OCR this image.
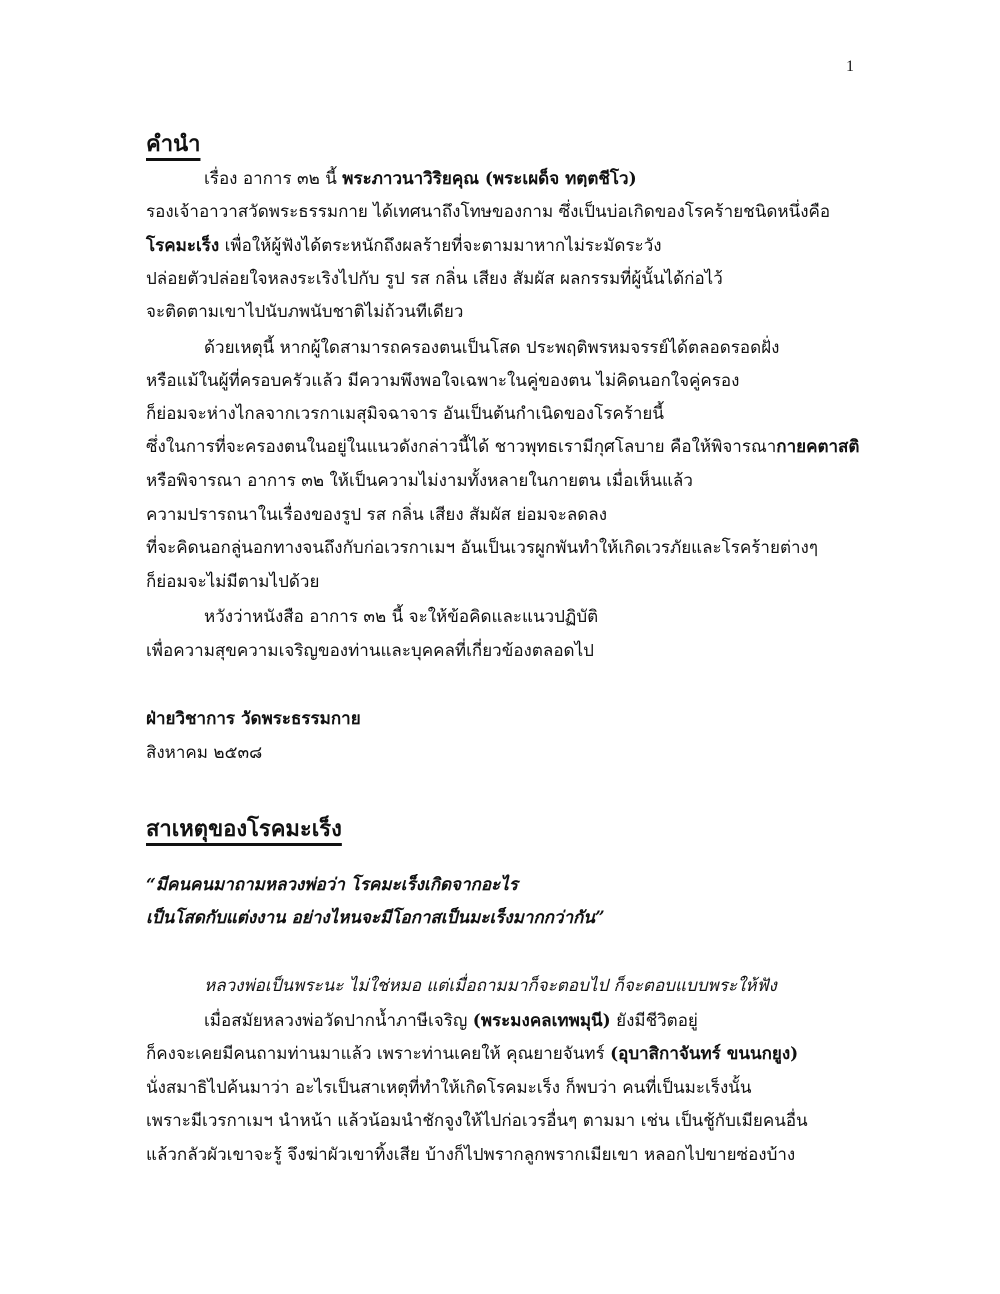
1
คำนำ
เรื่อง อาการ ๓๒ นี้ พระภาวนาวิริยคุณ (พระเผด็จ ทตฺตชีโว)
รองเจ้าอาวาสวัดพระธรรมกาย ได้เทศนาถึงโทษของกาม ซึ่งเป็นบ่อเกิดของโรคร้ายชนิดหนึ่งคือ
โรคมะเร็ง เพื่อให้ผู้ฟังได้ตระหนักถึงผลร้ายที่จะตามมาหากไม่ระมัดระวัง
ปล่อยตัวปล่อยใจหลงระเริงไปกับ รูป รส กลิ่น เสียง สัมผัส ผลกรรมที่ผู้นั้นได้ก่อไว้
จะติดตามเขาไปนับภพนับชาติไม่ถ้วนทีเดียว
ด้วยเหตุนี้ หากผู้ใดสามารถครองตนเป็นโสด ประพฤติพรหมจรรย์ได้ตลอดรอดฝั่ง
หรือแม้ในผู้ที่ครอบครัวแล้ว มีความพึงพอใจเฉพาะในคู่ของตน ไม่คิดนอกใจคู่ครอง
ก็ย่อมจะห่างไกลจากเวรกาเมสุมิจฉาจาร อันเป็นต้นกำเนิดของโรคร้ายนี้
ซึ่งในการที่จะครองตนในอยู่ในแนวดังกล่าวนี้ได้ ชาวพุทธเรามีกุศโลบาย คือให้พิจารณากายคตาสติ
หรือพิจารณา อาการ ๓๒ ให้เป็นความไม่งามทั้งหลายในกายตน เมื่อเห็นแล้ว
ความปรารถนาในเรื่องของรูป รส กลิ่น เสียง สัมผัส ย่อมจะลดลง
ที่จะคิดนอกลู่นอกทางจนถึงกับก่อเวรกาเมฯ อันเป็นเวรผูกพันทำให้เกิดเวรภัยและโรคร้ายต่างๆ
ก็ย่อมจะไม่มีตามไปด้วย
หวังว่าหนังสือ อาการ ๓๒ นี้ จะให้ข้อคิดและแนวปฏิบัติ
เพื่อความสุขความเจริญของท่านและบุคคลที่เกี่ยวข้องตลอดไป
ฝ่ายวิชาการ วัดพระธรรมกาย
สิงหาคม ๒๕๓๘
สาเหตุของโรคมะเร็ง
“มีคนคนมาถามหลวงพ่อว่า โรคมะเร็งเกิดจากอะไร
เป็นโสดกับแต่งงาน อย่างไหนจะมีโอกาสเป็นมะเร็งมากกว่ากัน”
หลวงพ่อเป็นพระนะ ไม่ใช่หมอ แต่เมื่อถามมาก็จะตอบไป ก็จะตอบแบบพระให้ฟัง
เมื่อสมัยหลวงพ่อวัดปากน้ำภาษีเจริญ (พระมงคลเทพมุนี) ยังมีชีวิตอยู่
ก็คงจะเคยมีคนถามท่านมาแล้ว เพราะท่านเคยให้ คุณยายจันทร์ (อุบาสิกาจันทร์ ขนนกยูง)
นั่งสมาธิไปค้นมาว่า อะไรเป็นสาเหตุที่ทำให้เกิดโรคมะเร็ง ก็พบว่า คนที่เป็นมะเร็งนั้น
เพราะมีเวรกาเมฯ นำหน้า แล้วน้อมนำชักจูงให้ไปก่อเวรอื่นๆ ตามมา เช่น เป็นชู้กับเมียคนอื่น
แล้วกลัวผัวเขาจะรู้ จึงฆ่าผัวเขาทิ้งเสีย บ้างก็ไปพรากลูกพรากเมียเขา หลอกไปขายซ่องบ้าง
